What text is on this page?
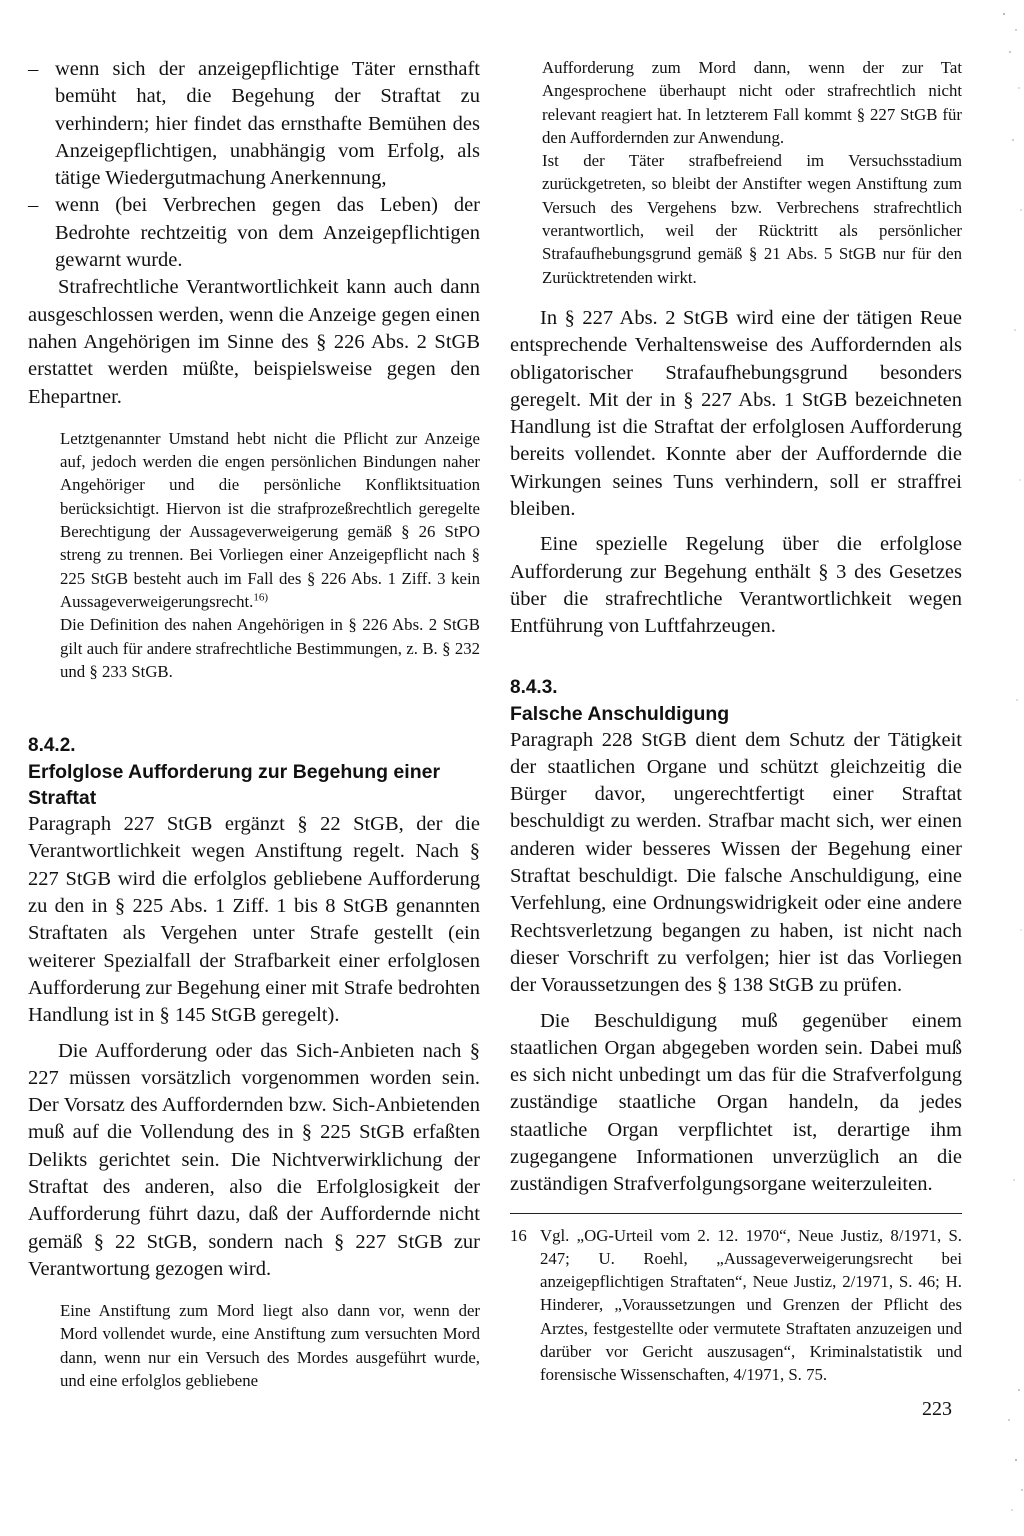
– wenn sich der anzeigepflichtige Täter ernsthaft bemüht hat, die Begehung der Straftat zu verhindern; hier findet das ernsthafte Bemühen des Anzeigepflichtigen, unabhängig vom Erfolg, als tätige Wiedergutmachung Anerkennung,
– wenn (bei Verbrechen gegen das Leben) der Bedrohte rechtzeitig von dem Anzeigepflichtigen gewarnt wurde.

Strafrechtliche Verantwortlichkeit kann auch dann ausgeschlossen werden, wenn die Anzeige gegen einen nahen Angehörigen im Sinne des § 226 Abs. 2 StGB erstattet werden müßte, beispielsweise gegen den Ehepartner.

Letztgenannter Umstand hebt nicht die Pflicht zur Anzeige auf, jedoch werden die engen persönlichen Bindungen naher Angehöriger und die persönliche Konfliktsituation berücksichtigt. Hiervon ist die strafprozeßrechtlich geregelte Berechtigung der Aussageverweigerung gemäß § 26 StPO streng zu trennen. Bei Vorliegen einer Anzeigepflicht nach § 225 StGB besteht auch im Fall des § 226 Abs. 1 Ziff. 3 kein Aussageverweigerungsrecht.$^{16)}$

Die Definition des nahen Angehörigen in § 226 Abs. 2 StGB gilt auch für andere strafrechtliche Bestimmungen, z. B. § 232 und § 233 StGB.

8.4.2.

Erfolglose Aufforderung zur Begehung einer Straftat

Paragraph 227 StGB ergänzt § 22 StGB, der die Verantwortlichkeit wegen Anstiftung regelt. Nach § 227 StGB wird die erfolglos gebliebene Aufforderung zu den in § 225 Abs. 1 Ziff. 1 bis 8 StGB genannten Straftaten als Vergehen unter Strafe gestellt (ein weiterer Spezialfall der Strafbarkeit einer erfolglosen Aufforderung zur Begehung einer mit Strafe bedrohten Handlung ist in § 145 StGB geregelt).

Die Aufforderung oder das Sich-Anbieten nach § 227 müssen vorsätzlich vorgenommen worden sein. Der Vorsatz des Auffordernden bzw. Sich-Anbietenden muß auf die Vollendung des in § 225 StGB erfaßten Delikts gerichtet sein. Die Nichtverwirklichung der Straftat des anderen, also die Erfolglosigkeit der Aufforderung führt dazu, daß der Auffordernde nicht gemäß § 22 StGB, sondern nach § 227 StGB zur Verantwortung gezogen wird.

Eine Anstiftung zum Mord liegt also dann vor, wenn der Mord vollendet wurde, eine Anstiftung zum versuchten Mord dann, wenn nur ein Versuch des Mordes ausgeführt wurde, und eine erfolglos gebliebene

Aufforderung zum Mord dann, wenn der zur Tat Angesprochene überhaupt nicht oder strafrechtlich nicht relevant reagiert hat. In letzterem Fall kommt § 227 StGB für den Auffordernden zur Anwendung.

Ist der Täter strafbefreiend im Versuchsstadium zurückgetreten, so bleibt der Anstifter wegen Anstiftung zum Versuch des Vergehens bzw. Verbrechens strafrechtlich verantwortlich, weil der Rücktritt als persönlicher Strafaufhebungsgrund gemäß § 21 Abs. 5 StGB nur für den Zurücktretenden wirkt.

In § 227 Abs. 2 StGB wird eine der tätigen Reue entsprechende Verhaltensweise des Auffordernden als obligatorischer Strafaufhebungsgrund besonders geregelt. Mit der in § 227 Abs. 1 StGB bezeichneten Handlung ist die Straftat der erfolglosen Aufforderung bereits vollendet. Konnte aber der Auffordernde die Wirkungen seines Tuns verhindern, soll er straffrei bleiben.

Eine spezielle Regelung über die erfolglose Aufforderung zur Begehung enthält § 3 des Gesetzes über die strafrechtliche Verantwortlichkeit wegen Entführung von Luftfahrzeugen.

8.4.3.

Falsche Anschuldigung

Paragraph 228 StGB dient dem Schutz der Tätigkeit der staatlichen Organe und schützt gleichzeitig die Bürger davor, ungerechtfertigt einer Straftat beschuldigt zu werden. Strafbar macht sich, wer einen anderen wider besseres Wissen der Begehung einer Straftat beschuldigt. Die falsche Anschuldigung, eine Verfehlung, eine Ordnungswidrigkeit oder eine andere Rechtsverletzung begangen zu haben, ist nicht nach dieser Vorschrift zu verfolgen; hier ist das Vorliegen der Voraussetzungen des § 138 StGB zu prüfen.

Die Beschuldigung muß gegenüber einem staatlichen Organ abgegeben worden sein. Dabei muß es sich nicht unbedingt um das für die Strafverfolgung zuständige staatliche Organ handeln, da jedes staatliche Organ verpflichtet ist, derartige ihm zugegangene Informationen unverzüglich an die zuständigen Strafverfolgungsorgane weiterzuleiten.

16 Vgl. „OG-Urteil vom 2. 12. 1970“, Neue Justiz, 8/1971, S. 247; U. Roehl, „Aussageverweigerungsrecht bei anzeigepflichtigen Straftaten“, Neue Justiz, 2/1971, S. 46; H. Hinderer, „Voraussetzungen und Grenzen der Pflicht des Arztes, festgestellte oder vermutete Straftaten anzuzeigen und darüber vor Gericht auszusagen“, Kriminalstatistik und forensische Wissenschaften, 4/1971, S. 75.

223
